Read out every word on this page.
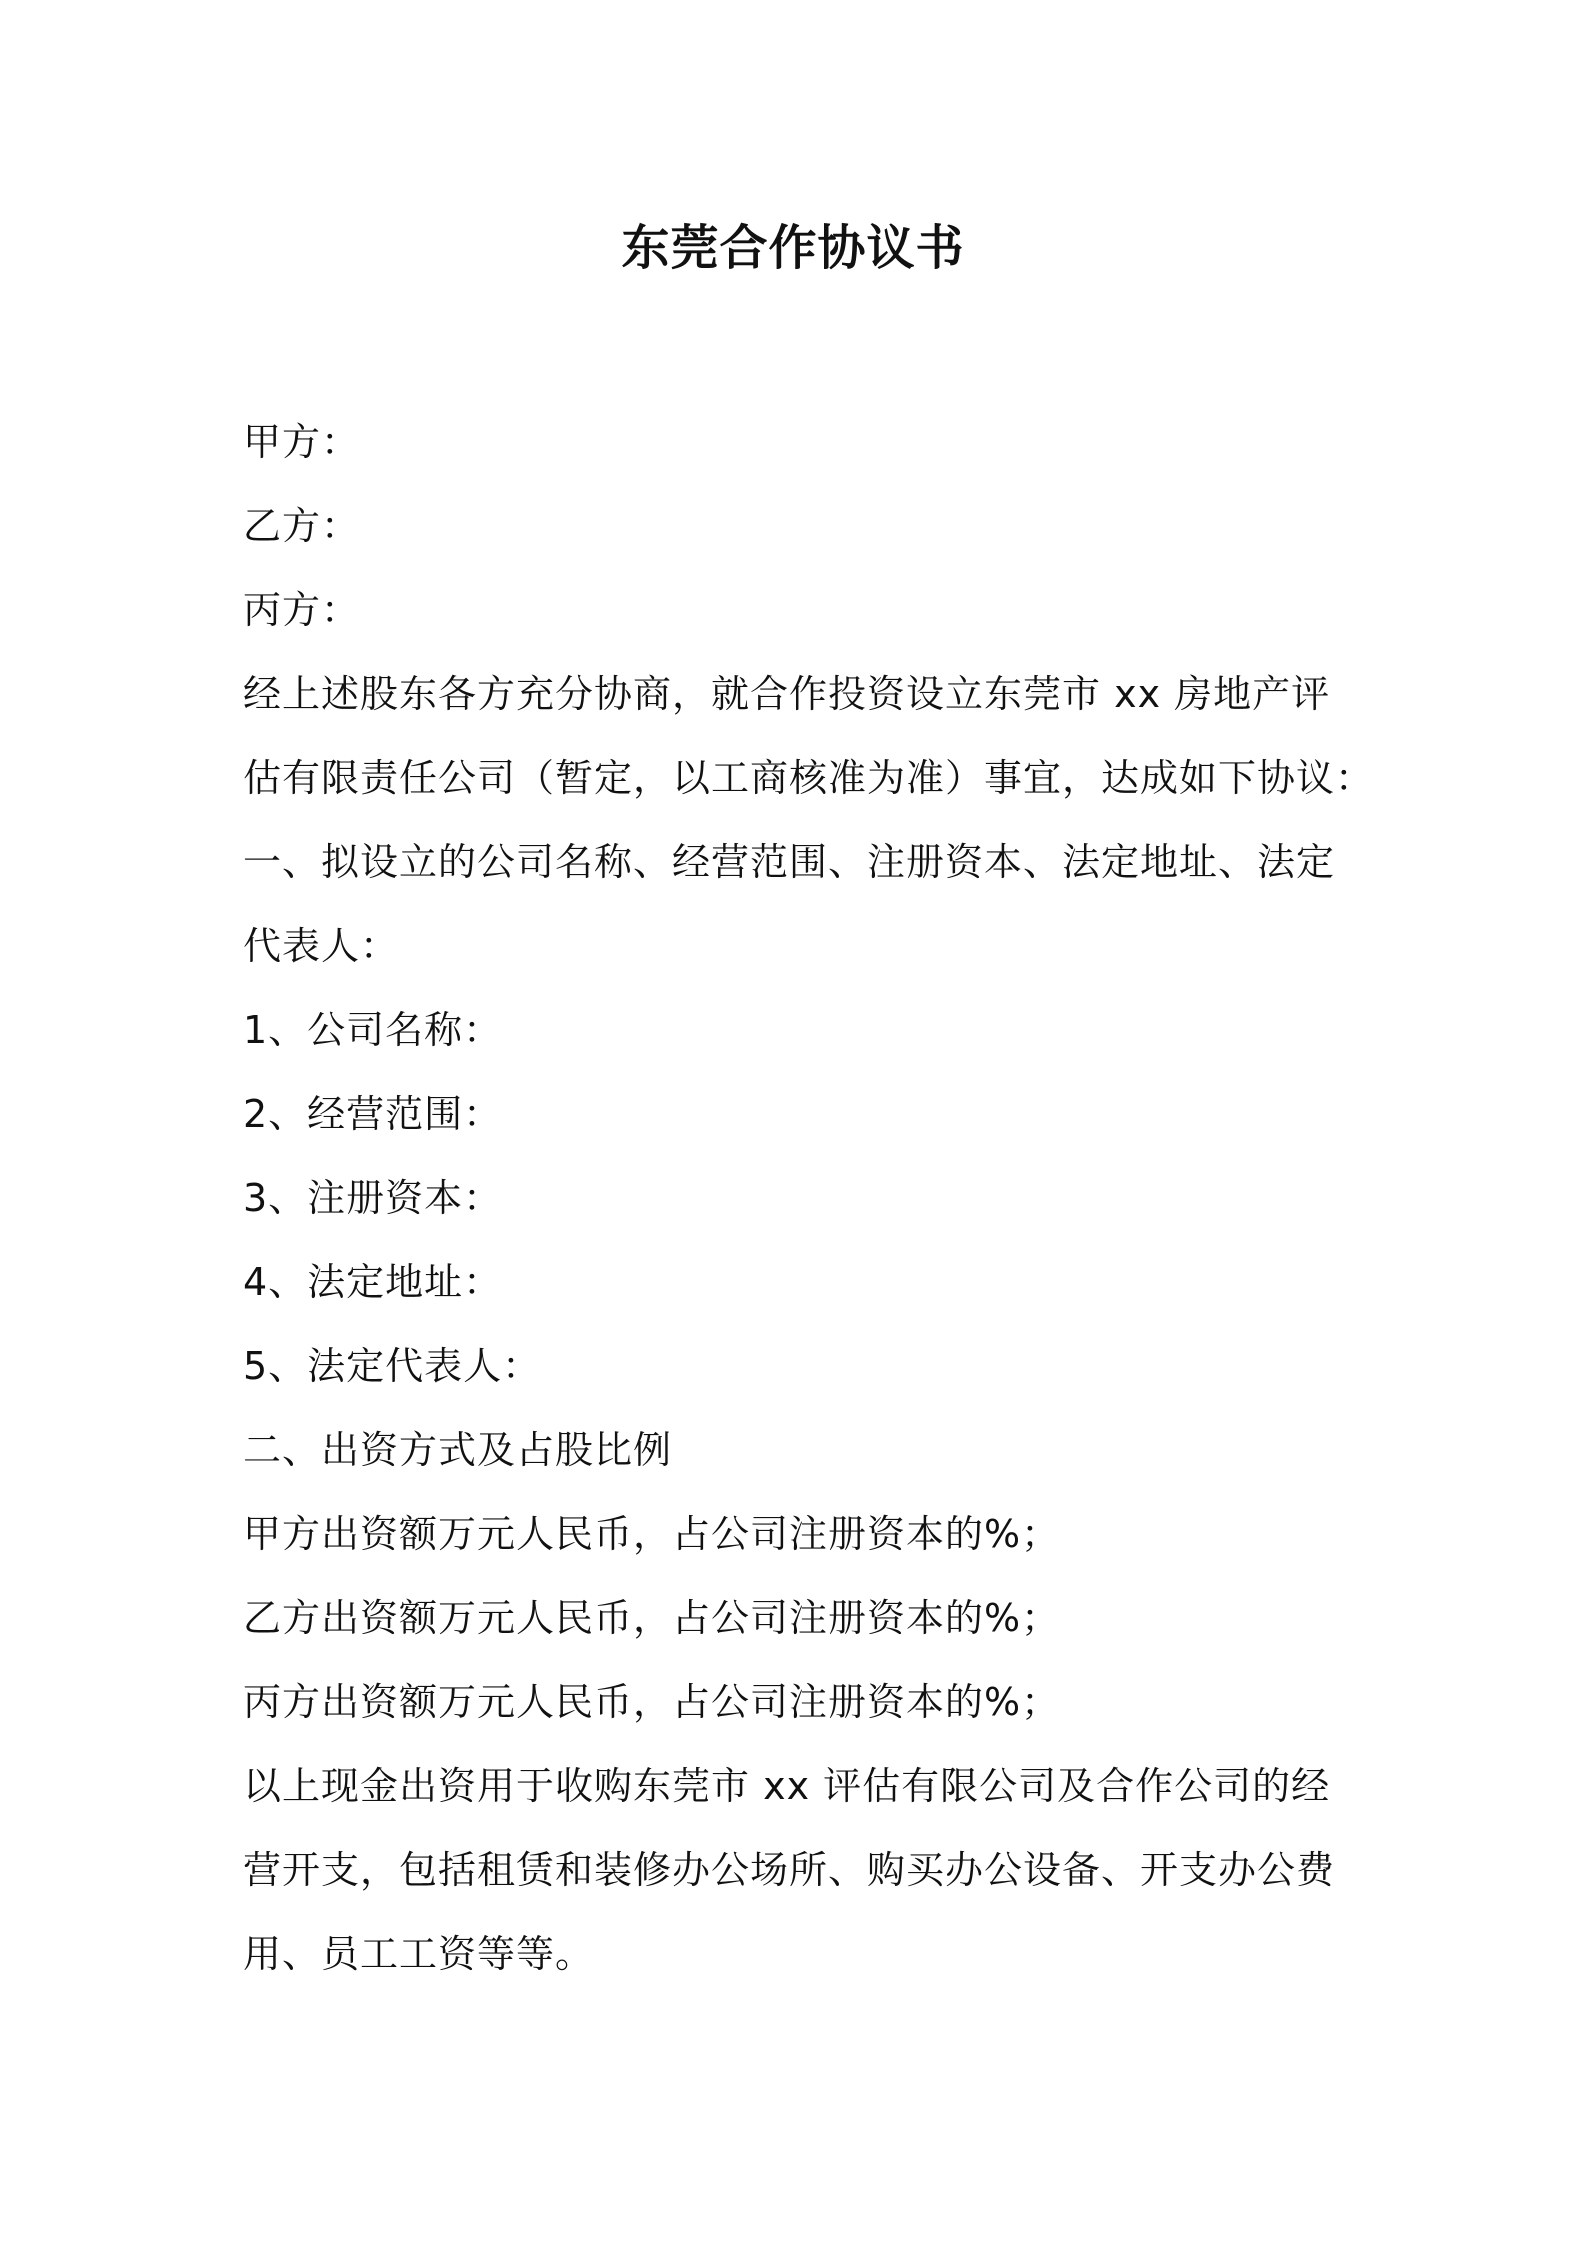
东莞合作协议书
甲方：
乙方：
丙方：
经上述股东各方充分协商，就合作投资设立东莞市 xx 房地产评
估有限责任公司（暂定，以工商核准为准）事宜，达成如下协议：
一、拟设立的公司名称、经营范围、注册资本、法定地址、法定
代表人：
1、公司名称：
2、经营范围：
3、注册资本：
4、法定地址：
5、法定代表人：
二、出资方式及占股比例
甲方出资额万元人民币，占公司注册资本的%；
乙方出资额万元人民币，占公司注册资本的%；
丙方出资额万元人民币，占公司注册资本的%；
以上现金出资用于收购东莞市 xx 评估有限公司及合作公司的经
营开支，包括租赁和装修办公场所、购买办公设备、开支办公费
用、员工工资等等。
